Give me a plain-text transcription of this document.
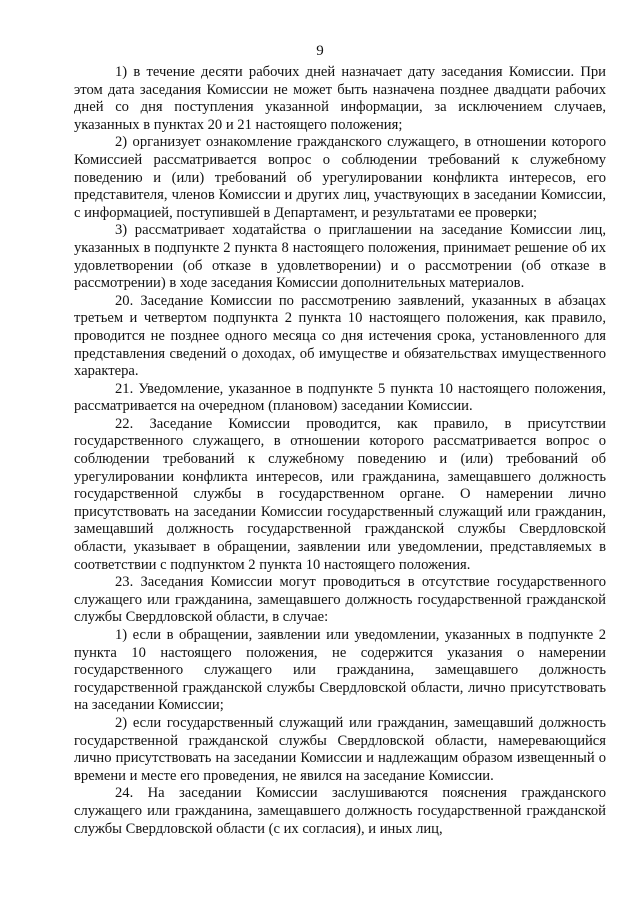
9

1) в течение десяти рабочих дней назначает дату заседания Комиссии. При этом дата заседания Комиссии не может быть назначена позднее двадцати рабочих дней со дня поступления указанной информации, за исключением случаев, указанных в пунктах 20 и 21 настоящего положения;

2) организует ознакомление гражданского служащего, в отношении которого Комиссией рассматривается вопрос о соблюдении требований к служебному поведению и (или) требований об урегулировании конфликта интересов, его представителя, членов Комиссии и других лиц, участвующих в заседании Комиссии, с информацией, поступившей в Департамент, и результатами ее проверки;

3) рассматривает ходатайства о приглашении на заседание Комиссии лиц, указанных в подпункте 2 пункта 8 настоящего положения, принимает решение об их удовлетворении (об отказе в удовлетворении) и о рассмотрении (об отказе в рассмотрении) в ходе заседания Комиссии дополнительных материалов.

20. Заседание Комиссии по рассмотрению заявлений, указанных в абзацах третьем и четвертом подпункта 2 пункта 10 настоящего положения, как правило, проводится не позднее одного месяца со дня истечения срока, установленного для представления сведений о доходах, об имуществе и обязательствах имущественного характера.

21. Уведомление, указанное в подпункте 5 пункта 10 настоящего положения, рассматривается на очередном (плановом) заседании Комиссии.

22. Заседание Комиссии проводится, как правило, в присутствии государственного служащего, в отношении которого рассматривается вопрос о соблюдении требований к служебному поведению и (или) требований об урегулировании конфликта интересов, или гражданина, замещавшего должность государственной службы в государственном органе. О намерении лично присутствовать на заседании Комиссии государственный служащий или гражданин, замещавший должность государственной гражданской службы Свердловской области, указывает в обращении, заявлении или уведомлении, представляемых в соответствии с подпунктом 2 пункта 10 настоящего положения.

23. Заседания Комиссии могут проводиться в отсутствие государственного служащего или гражданина, замещавшего должность государственной гражданской службы Свердловской области, в случае:

1) если в обращении, заявлении или уведомлении, указанных в подпункте 2 пункта 10 настоящего положения, не содержится указания о намерении государственного служащего или гражданина, замещавшего должность государственной гражданской службы Свердловской области, лично присутствовать на заседании Комиссии;

2) если государственный служащий или гражданин, замещавший должность государственной гражданской службы Свердловской области, намеревающийся лично присутствовать на заседании Комиссии и надлежащим образом извещенный о времени и месте его проведения, не явился на заседание Комиссии.

24. На заседании Комиссии заслушиваются пояснения гражданского служащего или гражданина, замещавшего должность государственной гражданской службы Свердловской области (с их согласия), и иных лиц,
